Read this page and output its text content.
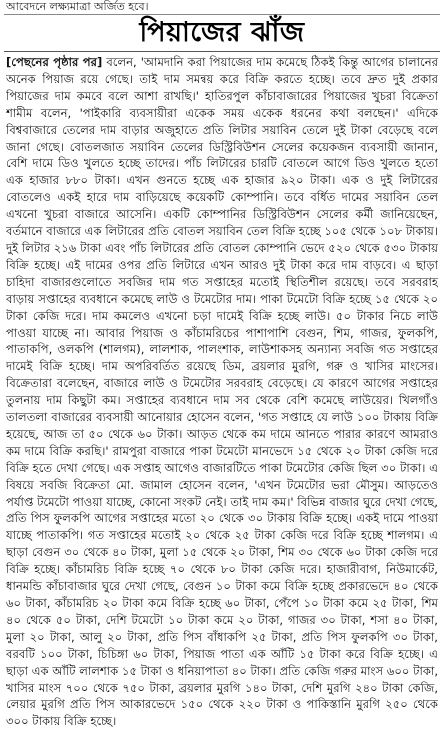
আবেদনে লক্ষ্যমাত্রা অর্জিত হবে।
পিয়াজের ঝাঁজ
[পেছনের পৃষ্ঠার পর] বলেন, 'আমদানি করা পিয়াজের দাম কমেছে ঠিকই কিন্তু আগের চালানের অনেক পিয়াজ রয়ে গেছে। তাই দাম সমন্বয় করে বিক্রি করতে হচ্ছে। তবে দ্রুত দুই প্রকার পিয়াজের দাম কমবে বলে আশা রাখছি।' হাতিরপুল কাঁচাবাজারের পিয়াজের খুচরা বিক্রেতা শামীম বলেন, 'পাইকারি ব্যবসায়ীরা একেক সময় একেক ধরনের কথা বলছেন।' এদিকে বিশ্ববাজারে তেলের দাম বাড়ার অজুহাতে প্রতি লিটার সয়াবিন তেলে দুই টাকা বেড়েছে বলে জানা গেছে। বোতলজাত সয়াবিন তেলের ডিস্ট্রিবিউশন সেলের কয়েকজন ব্যবসায়ী জানান, বেশি দামে ডিও খুলতে হচ্ছে তাদের। পাঁচ লিটারের চারটি বোতলে আগে ডিও খুলতে হতো এক হাজার ৮৮০ টাকা। এখন গুনতে হচ্ছে এক হাজার ৯২০ টাকা। এক ও দুই লিটারের বোতলেও একই হারে দাম বাড়িয়েছে কয়েকটি কোম্পানি। তবে বর্ধিত দামের সয়াবিন তেল এখনো খুচরা বাজারে আসেনি। একটি কোম্পানির ডিস্ট্রিবিউশন সেলের কর্মী জানিয়েছেন, বর্তমানে বাজারে এক লিটারের প্রতি বোতল সয়াবিন তেল বিক্রি হচ্ছে ১০৫ থেকে ১০৮ টাকায়। দুই লিটার ২১৬ টাকা এবং পাঁচ লিটারের প্রতি বোতল কোম্পানি ভেদে ৫২০ থেকে ৫৩০ টাকায় বিক্রি হচ্ছে। এই দামের ওপর প্রতি লিটারে এখন আরও দুই টাকা করে দাম বাড়বে। এ ছাড়া চাহিদা বাজারগুলোতে সবজির দাম গত সপ্তাহের মতোই স্থিতিশীল রয়েছে। তবে সরবরাহ বাড়ায় সপ্তাহের ব্যবধানে কমেছে লাউ ও টমেটোর দাম। পাকা টমেটো বিক্রি হচ্ছে ১৫ থেকে ২০ টাকা কেজি দরে। দাম কমলেও এখনো চড়া দামেই বিক্রি হচ্ছে লাউ। ৫০ টাকার নিচে লাউ পাওয়া যাচ্ছে না। আবার পিয়াজ ও কাঁচামরিচের পাশাপাশি বেগুন, শিম, গাজর, ফুলকপি, পাতাকপি, ওলকপি (শালগম), লালশাক, পালংশাক, লাউশাকসহ অন্যান্য সবজি গত সপ্তাহের দামেই বিক্রি হচ্ছে। দাম অপরিবর্তিত রয়েছে ডিম, ব্রয়লার মুরগি, গরু ও খাসির মাংসের। বিক্রেতারা বলেছেন, বাজারে লাউ ও টমেটোর সরবরাহ বেড়েছে। যে কারণে আগের সপ্তাহের তুলনায় দাম কিছুটা কম। সপ্তাহের ব্যবধানে দাম সব থেকে বেশি কমেছে লাউয়ের। খিলগাঁও তালতলা বাজারের ব্যবসায়ী আনোয়ার হোসেন বলেন, 'গত সপ্তাহে যে লাউ ১০০ টাকায় বিক্রি হয়েছে, আজ তা ৫০ থেকে ৬০ টাকা। আড়ত থেকে কম দামে আনতে পারার কারণে আমরাও কম দামে বিক্রি করছি।' রামপুরা বাজারে পাকা টমেটো মানভেদে ১৫ থেকে ২০ টাকা কেজি দরে বিক্রি হতে দেখা গেছে। এক সপ্তাহ আগেও বাজারটিতে পাকা টমেটোর কেজি ছিল ৩০ টাকা। এ বিষয়ে সবজি বিক্রেতা মো. জামাল হোসেন বলেন, 'এখন টমেটোর ভরা মৌসুম। আড়তেও পর্যাপ্ত টমেটো পাওয়া যাচ্ছে, কোনো সংকট নেই। তাই দাম কম।' বিভিন্ন বাজার ঘুরে দেখা গেছে, প্রতি পিস ফুলকপি আগের সপ্তাহের মতো ২০ থেকে ৩০ টাকায় বিক্রি হচ্ছে। একই দামে পাওয়া যাচ্ছে পাতাকপি। গত সপ্তাহের মতোই ২০ থেকে ২৫ টাকা কেজি দরে বিক্রি হচ্ছে শালগম। এ ছাড়া বেগুন ৩০ থেকে ৪০ টাকা, মুলা ১৫ থেকে ২০ টাকা, শিম ৩০ থেকে ৬০ টাকা কেজি দরে বিক্রি হচ্ছে। কাঁচামরিচ বিক্রি হচ্ছে ৭০ থেকে ৮০ টাকা কেজি দরে। হাজারীবাগ, নিউমার্কেট, ধানমন্ডি কাঁচাবাজার ঘুরে দেখা গেছে, বেগুন ১০ টাকা কমে বিক্রি হচ্ছে প্রকারভেদে ৪০ থেকে ৬০ টাকা, কাঁচামরিচ ২০ টাকা কমে বিক্রি হচ্ছে ৬০ টাকা, পেঁপে ১০ টাকা কমে ২৫ টাকা, শিম ৪০ থেকে ৫০ টাকা, দেশি টমেটো ১০ টাকা কমে ২০ টাকা, গাজর ৩০ টাকা, শসা ৪০ টাকা, মুলা ২০ টাকা, আলু ২০ টাকা, প্রতি পিস বাঁধাকপি ২৫ টাকা, প্রতি পিস ফুলকপি ৩০ টাকা, বরবটি ১০০ টাকা, চিচিঙ্গা ৬০ টাকা, পিয়াজ পাতা এক আঁটি ১৫ টাকা করে বিক্রি হচ্ছে। এ ছাড়া এক আঁটি লালশাক ১৫ টাকা ও ধনিয়াপাতা ৪০ টাকা। প্রতি কেজি গরুর মাংস ৬০০ টাকা, খাসির মাংস ৭০০ থেকে ৭৫০ টাকা, ব্রয়লার মুরগি ১৪০ টাকা, দেশি মুরগি ২৪০ টাকা কেজি, লেয়ার মুরগি প্রতি পিস আকারভেদে ১৫০ থেকে ২২০ টাকা ও পাকিস্তানি মুরগি ২৫০ থেকে ৩০০ টাকায় বিক্রি হচ্ছে।
